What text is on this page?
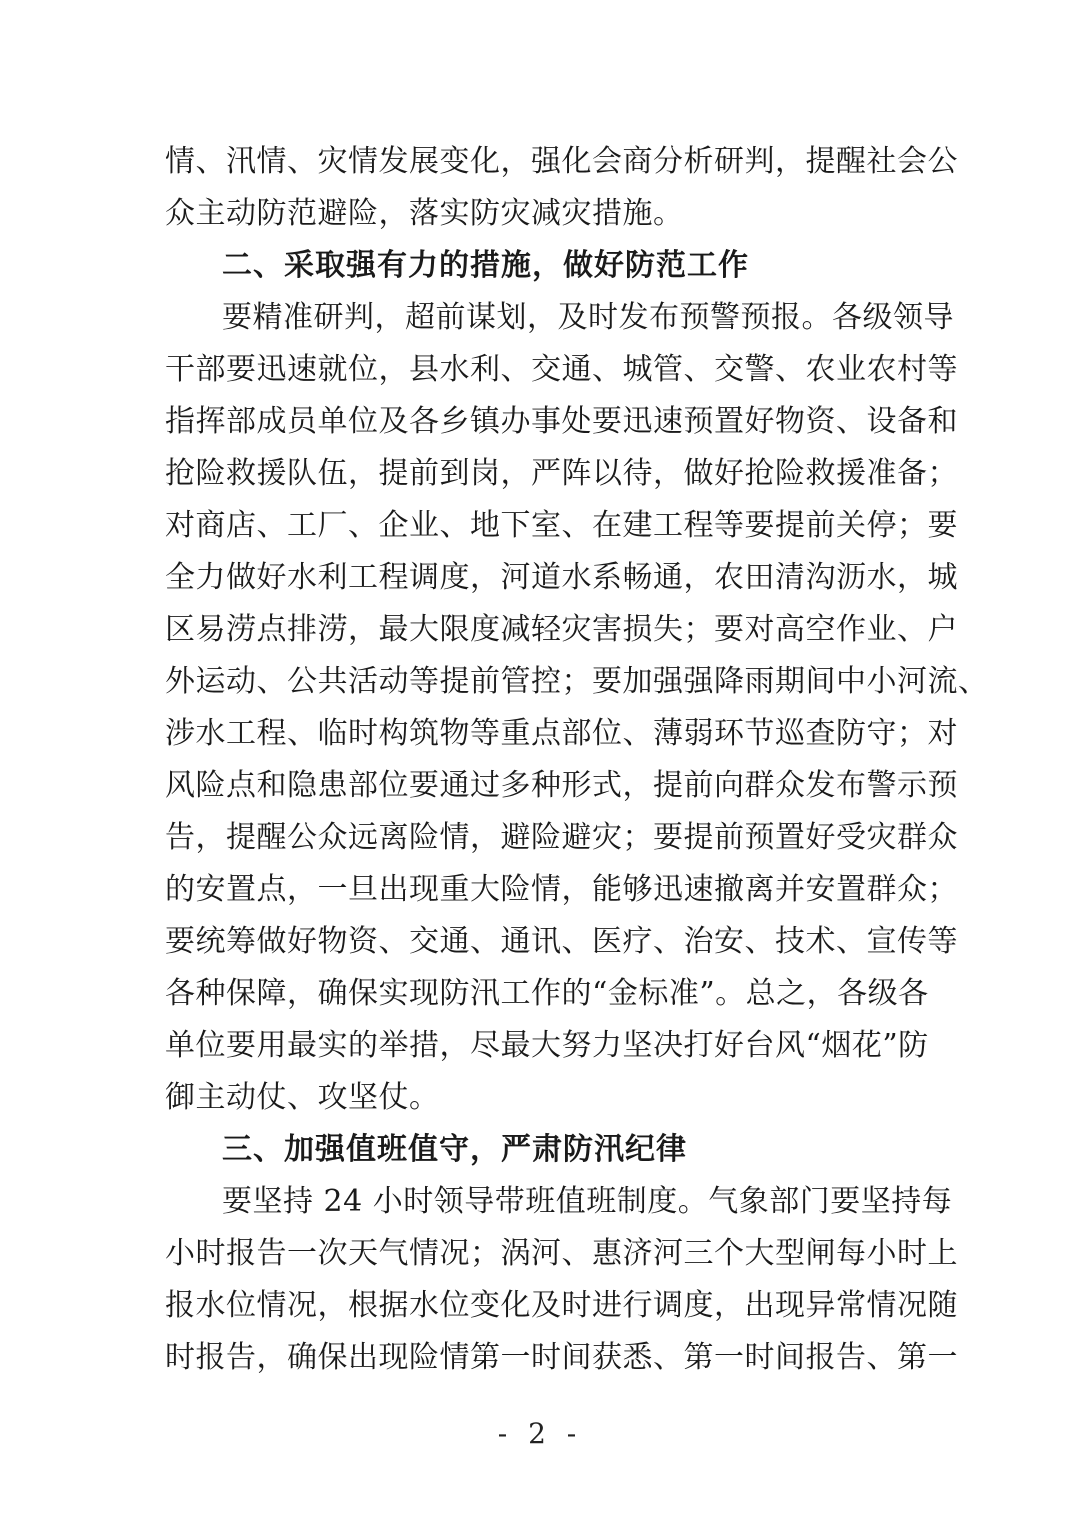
情、汛情、灾情发展变化，强化会商分析研判，提醒社会公
众主动防范避险，落实防灾减灾措施。
二、采取强有力的措施，做好防范工作
要精准研判，超前谋划，及时发布预警预报。各级领导
干部要迅速就位，县水利、交通、城管、交警、农业农村等
指挥部成员单位及各乡镇办事处要迅速预置好物资、设备和
抢险救援队伍，提前到岗，严阵以待，做好抢险救援准备；
对商店、工厂、企业、地下室、在建工程等要提前关停；要
全力做好水利工程调度，河道水系畅通，农田清沟沥水，城
区易涝点排涝，最大限度减轻灾害损失；要对高空作业、户
外运动、公共活动等提前管控；要加强强降雨期间中小河流、
涉水工程、临时构筑物等重点部位、薄弱环节巡查防守；对
风险点和隐患部位要通过多种形式，提前向群众发布警示预
告，提醒公众远离险情，避险避灾；要提前预置好受灾群众
的安置点，一旦出现重大险情，能够迅速撤离并安置群众；
要统筹做好物资、交通、通讯、医疗、治安、技术、宣传等
各种保障，确保实现防汛工作的“金标准”。总之，各级各
单位要用最实的举措，尽最大努力坚决打好台风“烟花”防
御主动仗、攻坚仗。
三、加强值班值守，严肃防汛纪律
要坚持 24 小时领导带班值班制度。气象部门要坚持每
小时报告一次天气情况；涡河、惠济河三个大型闸每小时上
报水位情况，根据水位变化及时进行调度，出现异常情况随
时报告，确保出现险情第一时间获悉、第一时间报告、第一
- 2 -
